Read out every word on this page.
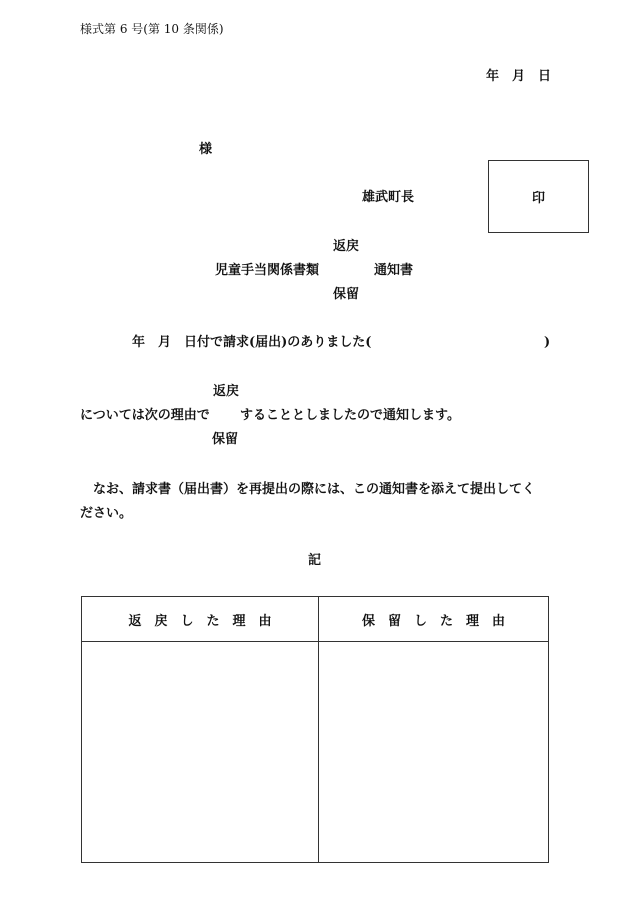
様式第 6 号(第 10 条関係)
年　月　日
様
雄武町長	印
返戻
児童手当関係書類	通知書
保留
年　月　日付で請求(届出)のありました(	)
返戻
については次の理由で することとしましたので通知します。
保留
なお、請求書（届出書）を再提出の際には、この通知書を添えて提出してく
ださい。
記
返　戻　し　た　理　由	保　留　し　た　理　由
